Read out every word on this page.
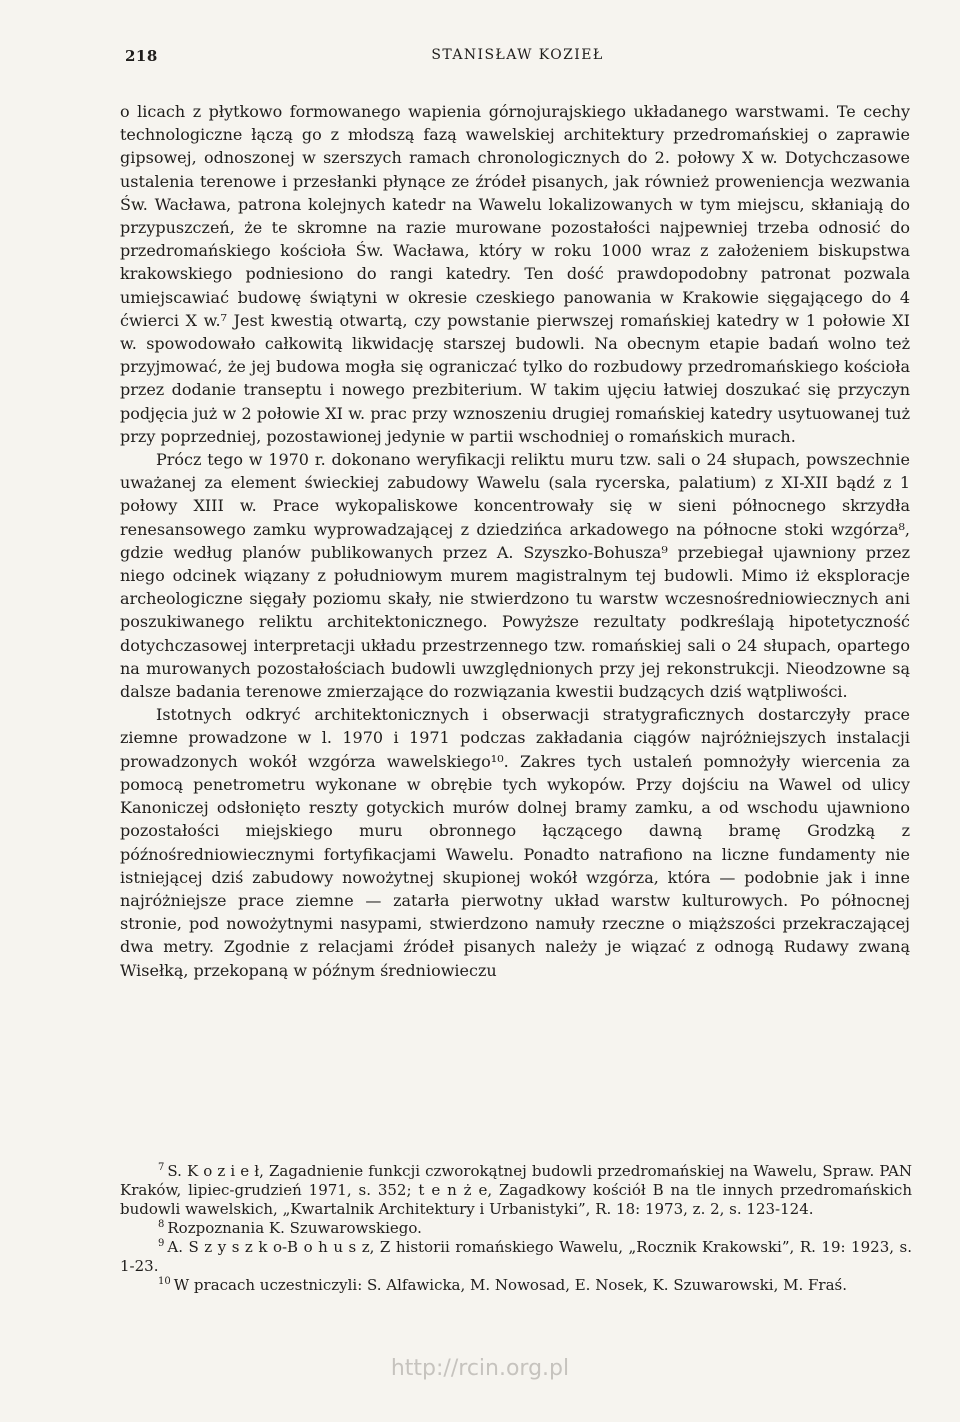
218	STANISŁAW KOZIEŁ

o licach z płytkowo formowanego wapienia górnojurajskiego układanego warstwami. Te cechy technologiczne łączą go z młodszą fazą wawelskiej architektury przedromańskiej o zaprawie gipsowej, odnoszonej w szerszych ramach chronologicznych do 2. połowy X w. Dotychczasowe ustalenia terenowe i przesłanki płynące ze źródeł pisanych, jak również proweniencja wezwania Św. Wacława, patrona kolejnych katedr na Wawelu lokalizowanych w tym miejscu, skłaniają do przypuszczeń, że te skromne na razie murowane pozostałości najpewniej trzeba odnosić do przedromańskiego kościoła Św. Wacława, który w roku 1000 wraz z założeniem biskupstwa krakowskiego podniesiono do rangi katedry. Ten dość prawdopodobny patronat pozwala umiejscawiać budowę świątyni w okresie czeskiego panowania w Krakowie sięgającego do 4 ćwierci X w.⁷ Jest kwestią otwartą, czy powstanie pierwszej romańskiej katedry w 1 połowie XI w. spowodowało całkowitą likwidację starszej budowli. Na obecnym etapie badań wolno też przyjmować, że jej budowa mogła się ograniczać tylko do rozbudowy przedromańskiego kościoła przez dodanie transeptu i nowego prezbiterium. W takim ujęciu łatwiej doszukać się przyczyn podjęcia już w 2 połowie XI w. prac przy wznoszeniu drugiej romańskiej katedry usytuowanej tuż przy poprzedniej, pozostawionej jedynie w partii wschodniej o romańskich murach.

Prócz tego w 1970 r. dokonano weryfikacji reliktu muru tzw. sali o 24 słupach, powszechnie uważanej za element świeckiej zabudowy Wawelu (sala rycerska, palatium) z XI-XII bądź z 1 połowy XIII w. Prace wykopaliskowe koncentrowały się w sieni północnego skrzydła renesansowego zamku wyprowadzającej z dziedzińca arkadowego na północne stoki wzgórza⁸, gdzie według planów publikowanych przez A. Szyszko-Bohusza⁹ przebiegał ujawniony przez niego odcinek wiązany z południowym murem magistralnym tej budowli. Mimo iż eksploracje archeologiczne sięgały poziomu skały, nie stwierdzono tu warstw wczesnośredniowiecznych ani poszukiwanego reliktu architektonicznego. Powyższe rezultaty podkreślają hipotetyczność dotychczasowej interpretacji układu przestrzennego tzw. romańskiej sali o 24 słupach, opartego na murowanych pozostałościach budowli uwzględnionych przy jej rekonstrukcji. Nieodzowne są dalsze badania terenowe zmierzające do rozwiązania kwestii budzących dziś wątpliwości.

Istotnych odkryć architektonicznych i obserwacji stratygraficznych dostarczyły prace ziemne prowadzone w l. 1970 i 1971 podczas zakładania ciągów najróżniejszych instalacji prowadzonych wokół wzgórza wawelskiego¹⁰. Zakres tych ustaleń pomnożyły wiercenia za pomocą penetrometru wykonane w obrębie tych wykopów. Przy dojściu na Wawel od ulicy Kanoniczej odsłonięto reszty gotyckich murów dolnej bramy zamku, a od wschodu ujawniono pozostałości miejskiego muru obronnego łączącego dawną bramę Grodzką z późnośredniowiecznymi fortyfikacjami Wawelu. Ponadto natrafiono na liczne fundamenty nie istniejącej dziś zabudowy nowożytnej skupionej wokół wzgórza, która — podobnie jak i inne najróżniejsze prace ziemne — zatarła pierwotny układ warstw kulturowych. Po północnej stronie, pod nowożytnymi nasypami, stwierdzono namuły rzeczne o miąższości przekraczającej dwa metry. Zgodnie z relacjami źródeł pisanych należy je wiązać z odnogą Rudawy zwaną Wisełką, przekopaną w późnym średniowieczu

$^7$ S. K o z i e ł, Zagadnienie funkcji czworokątnej budowli przedromańskiej na Wawelu, Spraw. PAN Kraków, lipiec-grudzień 1971, s. 352; t e n ż e, Zagadkowy kościół B na tle innych przedromańskich budowli wawelskich, „Kwartalnik Architektury i Urbanistyki”, R. 18: 1973, z. 2, s. 123-124.

$^8$ Rozpoznania K. Szuwarowskiego.

$^9$ A. S z y s z k o-B o h u s z, Z historii romańskiego Wawelu, „Rocznik Krakowski”, R. 19: 1923, s. 1-23.

$^{10}$ W pracach uczestniczyli: S. Alfawicka, M. Nowosad, E. Nosek, K. Szuwarowski, M. Fraś.

http://rcin.org.pl
